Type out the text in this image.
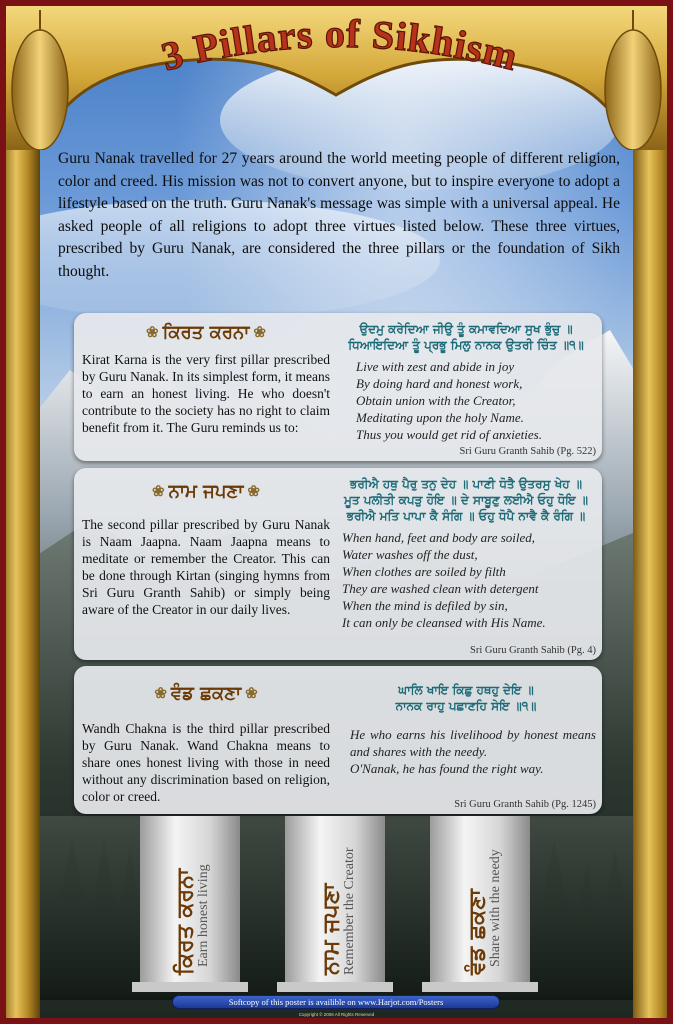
3 Pillars of Sikhism

Guru Nanak travelled for 27 years around the world meeting people of different religion, color and creed. His mission was not to convert anyone, but to inspire everyone to adopt a lifestyle based on the truth. Guru Nanak's message was simple with a universal appeal. He asked people of all religions to adopt three virtues listed below. These three virtues, prescribed by Guru Nanak, are considered the three pillars or the foundation of Sikh thought.

❀ ਕਿਰਤ ਕਰਨਾ ❀

Kirat Karna is the very first pillar prescribed by Guru Nanak. In its simplest form, it means to earn an honest living. He who doesn't contribute to the society has no right to claim benefit from it. The Guru reminds us to:

ਉਦਮੁ ਕਰੇਦਿਆ ਜੀਉ ਤੂੰ ਕਮਾਵਦਿਆ ਸੁਖ ਭੁੰਚੁ ॥
ਧਿਆਇਦਿਆ ਤੂੰ ਪ੍ਰਭੂ ਮਿਲੁ ਨਾਨਕ ਉਤਰੀ ਚਿੰਤ ॥੧॥
Live with zest and abide in joy
By doing hard and honest work,
Obtain union with the Creator,
Meditating upon the holy Name.
Thus you would get rid of anxieties.
Sri Guru Granth Sahib (Pg. 522)
❀ ਨਾਮ ਜਪਣਾ ❀

The second pillar prescribed by Guru Nanak is Naam Jaapna. Naam Jaapna means to meditate or remember the Creator. This can be done through Kirtan (singing hymns from Sri Guru Granth Sahib) or simply being aware of the Creator in our daily lives.

ਭਰੀਐ ਹਥੁ ਪੈਰੁ ਤਨੁ ਦੇਹ ॥ ਪਾਣੀ ਧੋਤੈ ਉਤਰਸੁ ਖੇਹ ॥
ਮੂਤ ਪਲੀਤੀ ਕਪੜੁ ਹੋਇ ॥ ਦੇ ਸਾਬੂਣੁ ਲਈਐ ਓਹੁ ਧੋਇ ॥
ਭਰੀਐ ਮਤਿ ਪਾਪਾ ਕੈ ਸੰਗਿ ॥ ਓਹੁ ਧੋਪੈ ਨਾਵੈ ਕੈ ਰੰਗਿ ॥
When hand, feet and body are soiled,
Water washes off the dust,
When clothes are soiled by filth
They are washed clean with detergent
When the mind is defiled by sin,
It can only be cleansed with His Name.
Sri Guru Granth Sahib (Pg. 4)
❀ ਵੰਡ ਛਕਣਾ ❀

Wandh Chakna is the third pillar prescribed by Guru Nanak. Wand Chakna means to share ones honest living with those in need without any discrimination based on religion, color or creed.

ਘਾਲਿ ਖਾਇ ਕਿਛੁ ਹਥਹੁ ਦੇਇ ॥
ਨਾਨਕ ਰਾਹੁ ਪਛਾਣਹਿ ਸੇਇ ॥੧॥
He who earns his livelihood by honest means and shares with the needy.
O'Nanak, he has found the right way.
Sri Guru Granth Sahib (Pg. 1245)
ਕਿਰਤ ਕਰਨਾ
Earn honest living	ਨਾਮ ਜਪਣਾ
Remember the Creator	ਵੰਡ ਛਕਣਾ
Share with the needy
Softcopy of this poster is availible on www.Harjot.com/Posters
Copyright © 2006 All Rights Reserved
